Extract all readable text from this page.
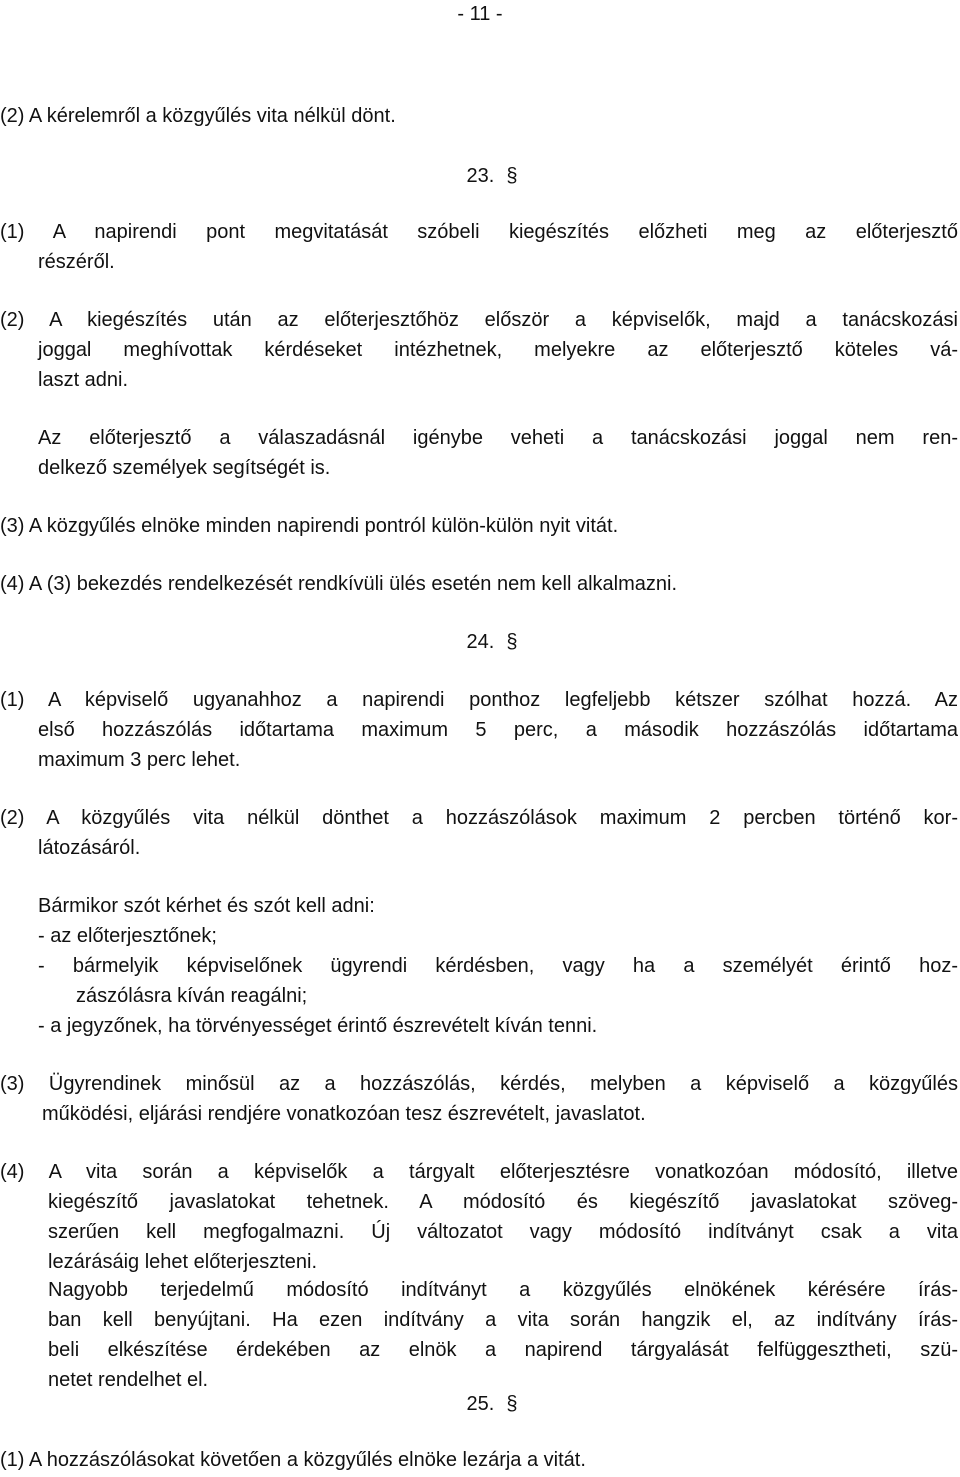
- 11 -
(2) A kérelemről a közgyűlés vita nélkül dönt.
23. §
(1) A napirendi pont megvitatását szóbeli kiegészítés előzheti meg az előterjesztő
részéről.
(2) A kiegészítés után az előterjesztőhöz először a képviselők, majd a tanácskozási
joggal meghívottak kérdéseket intézhetnek, melyekre az előterjesztő köteles vá-
laszt adni.
Az előterjesztő a válaszadásnál igénybe veheti a tanácskozási joggal nem ren-
delkező személyek segítségét is.
(3) A közgyűlés elnöke minden napirendi pontról külön-külön nyit vitát.
(4) A (3) bekezdés rendelkezését rendkívüli ülés esetén nem kell alkalmazni.
24. §
(1) A képviselő ugyanahhoz a napirendi ponthoz legfeljebb kétszer szólhat hozzá. Az
első hozzászólás időtartama maximum 5 perc, a második hozzászólás időtartama
maximum 3 perc lehet.
(2) A közgyűlés vita nélkül dönthet a hozzászólások maximum 2 percben történő kor-
látozásáról.
Bármikor szót kérhet és szót kell adni:
- az előterjesztőnek;
- bármelyik képviselőnek ügyrendi kérdésben, vagy ha a személyét érintő hoz-
zászólásra kíván reagálni;
- a jegyzőnek, ha törvényességet érintő észrevételt kíván tenni.
(3) Ügyrendinek minősül az a hozzászólás, kérdés, melyben a képviselő a közgyűlés
működési, eljárási rendjére vonatkozóan tesz észrevételt, javaslatot.
(4) A vita során a képviselők a tárgyalt előterjesztésre vonatkozóan módosító, illetve
kiegészítő javaslatokat tehetnek. A módosító és kiegészítő javaslatokat szöveg-
szerűen kell megfogalmazni. Új változatot vagy módosító indítványt csak a vita
lezárásáig lehet előterjeszteni.
Nagyobb terjedelmű módosító indítványt a közgyűlés elnökének kérésére írás-
ban kell benyújtani. Ha ezen indítvány a vita során hangzik el, az indítvány írás-
beli elkészítése érdekében az elnök a napirend tárgyalását felfüggesztheti, szü-
netet rendelhet el.
25. §
(1) A hozzászólásokat követően a közgyűlés elnöke lezárja a vitát.
